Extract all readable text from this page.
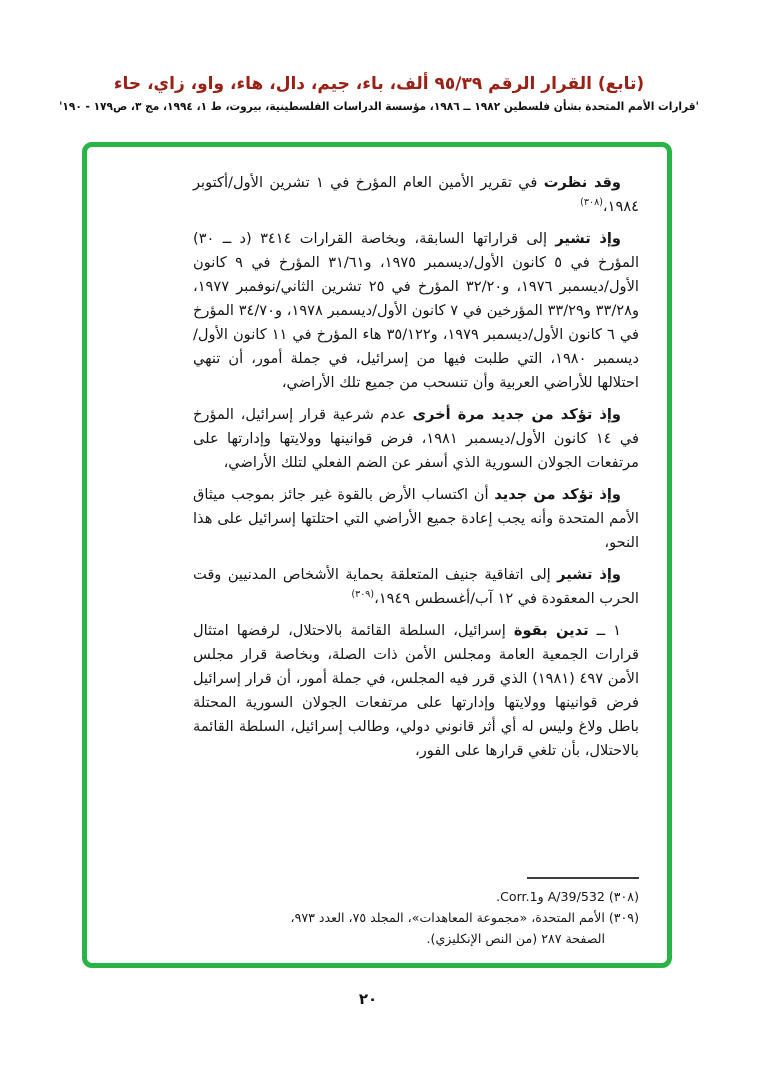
(تابع) القرار الرقم ٩٥/٣٩ ألف، باء، جيم، دال، هاء، واو، زاي، حاء
'قرارات الأمم المتحدة بشأن فلسطين ١٩٨٢ ــ ١٩٨٦، مؤسسة الدراسات الفلسطينية، بيروت، ط ١، ١٩٩٤، مج ٣، ص١٧٩ - ١٩٠'

وقد نظرت في تقرير الأمين العام المؤرخ في ١ تشرين الأول/أكتوبر ١٩٨٤،$^{(٣٠٨)}$

وإذ تشير إلى قراراتها السابقة، وبخاصة القرارات ٣٤١٤ (د ــ ٣٠) المؤرخ في ٥ كانون الأول/ديسمبر ١٩٧٥، و٣١/٦١ المؤرخ في ٩ كانون الأول/ديسمبر ١٩٧٦، و٣٢/٢٠ المؤرخ في ٢٥ تشرين الثاني/نوفمبر ١٩٧٧، و٣٣/٢٨ و٣٣/٢٩ المؤرخين في ٧ كانون الأول/ديسمبر ١٩٧٨، و٣٤/٧٠ المؤرخ في ٦ كانون الأول/ديسمبر ١٩٧٩، و٣٥/١٢٢ هاء المؤرخ في ١١ كانون الأول/ديسمبر ١٩٨٠، التي طلبت فيها من إسرائيل، في جملة أمور، أن تنهي احتلالها للأراضي العربية وأن تنسحب من جميع تلك الأراضي،

وإذ تؤكد من جديد مرة أخرى عدم شرعية قرار إسرائيل، المؤرخ في ١٤ كانون الأول/ديسمبر ١٩٨١، فرض قوانينها وولايتها وإدارتها على مرتفعات الجولان السورية الذي أسفر عن الضم الفعلي لتلك الأراضي،

وإذ تؤكد من جديد أن اكتساب الأرض بالقوة غير جائز بموجب ميثاق الأمم المتحدة وأنه يجب إعادة جميع الأراضي التي احتلتها إسرائيل على هذا النحو،

وإذ تشير إلى اتفاقية جنيف المتعلقة بحماية الأشخاص المدنيين وقت الحرب المعقودة في ١٢ آب/أغسطس ١٩٤٩،$^{(٣٠٩)}$

١ ــ تدين بقوة إسرائيل، السلطة القائمة بالاحتلال، لرفضها امتثال قرارات الجمعية العامة ومجلس الأمن ذات الصلة، وبخاصة قرار مجلس الأمن ٤٩٧ (١٩٨١) الذي قرر فيه المجلس، في جملة أمور، أن قرار إسرائيل فرض قوانينها وولايتها وإدارتها على مرتفعات الجولان السورية المحتلة باطل ولاغ وليس له أي أثر قانوني دولي، وطالب إسرائيل، السلطة القائمة بالاحتلال، بأن تلغي قرارها على الفور،

(٣٠٨) A/39/532 وCorr.1.
(٣٠٩) الأمم المتحدة، «مجموعة المعاهدات»، المجلد ٧٥، العدد ٩٧٣،
الصفحة ٢٨٧ (من النص الإنكليزي).
٢٠
